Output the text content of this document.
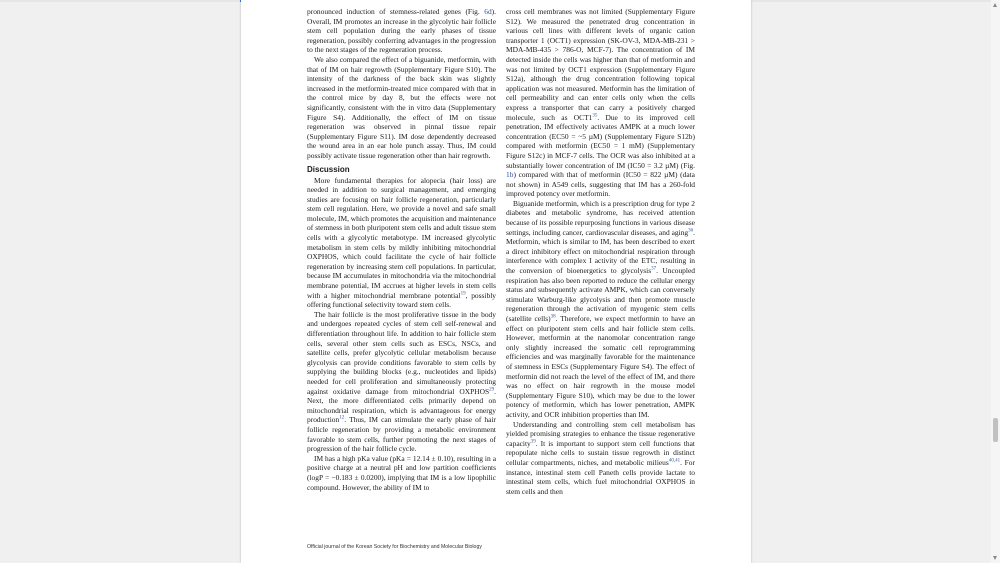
pronounced induction of stemness-related genes (Fig. 6d). Overall, IM promotes an increase in the glycolytic hair follicle stem cell population during the early phases of tissue regeneration, possibly conferring advantages in the progression to the next stages of the regeneration process.

We also compared the effect of a biguanide, metformin, with that of IM on hair regrowth (Supplementary Figure S10). The intensity of the darkness of the back skin was slightly increased in the metformin-treated mice compared with that in the control mice by day 8, but the effects were not significantly, consistent with the in vitro data (Supplementary Figure S4). Additionally, the effect of IM on tissue regeneration was observed in pinnal tissue repair (Supplementary Figure S11). IM dose dependently decreased the wound area in an ear hole punch assay. Thus, IM could possibly activate tissue regeneration other than hair regrowth.

Discussion

More fundamental therapies for alopecia (hair loss) are needed in addition to surgical management, and emerging studies are focusing on hair follicle regeneration, particularly stem cell regulation. Here, we provide a novel and safe small molecule, IM, which promotes the acquisition and maintenance of stemness in both pluripotent stem cells and adult tissue stem cells with a glycolytic metabotype. IM increased glycolytic metabolism in stem cells by mildly inhibiting mitochondrial OXPHOS, which could facilitate the cycle of hair follicle regeneration by increasing stem cell populations. In particular, because IM accumulates in mitochondria via the mitochondrial membrane potential, IM accrues at higher levels in stem cells with a higher mitochondrial membrane potential$^{19}$, possibly offering functional selectivity toward stem cells.

The hair follicle is the most proliferative tissue in the body and undergoes repeated cycles of stem cell self-renewal and differentiation throughout life. In addition to hair follicle stem cells, several other stem cells such as ESCs, NSCs, and satellite cells, prefer glycolytic cellular metabolism because glycolysis can provide conditions favorable to stem cells by supplying the building blocks (e.g., nucleotides and lipids) needed for cell proliferation and simultaneously protecting against oxidative damage from mitochondrial OXPHOS$^{29}$. Next, the more differentiated cells primarily depend on mitochondrial respiration, which is advantageous for energy production$^{12}$. Thus, IM can stimulate the early phase of hair follicle regeneration by providing a metabolic environment favorable to stem cells, further promoting the next stages of progression of the hair follicle cycle.

IM has a high pKa value (pKa = 12.14 ± 0.10), resulting in a positive charge at a neutral pH and low partition coefficients (logP = −0.183 ± 0.0200), implying that IM is a low lipophilic compound. However, the ability of IM to

cross cell membranes was not limited (Supplementary Figure S12). We measured the penetrated drug concentration in various cell lines with different levels of organic cation transporter 1 (OCT1) expression (SK-OV-3, MDA-MB-231 > MDA-MB-435 > 786-O, MCF-7). The concentration of IM detected inside the cells was higher than that of metformin and was not limited by OCT1 expression (Supplementary Figure S12a), although the drug concentration following topical application was not measured. Metformin has the limitation of cell permeability and can enter cells only when the cells express a transporter that can carry a positively charged molecule, such as OCT1$^{35}$. Due to its improved cell penetration, IM effectively activates AMPK at a much lower concentration (EC50 = ~5 µM) (Supplementary Figure S12b) compared with metformin (EC50 = 1 mM) (Supplementary Figure S12c) in MCF-7 cells. The OCR was also inhibited at a substantially lower concentration of IM (IC50 = 3.2 µM) (Fig. 1b) compared with that of metformin (IC50 = 822 µM) (data not shown) in A549 cells, suggesting that IM has a 260-fold improved potency over metformin.

Biguanide metformin, which is a prescription drug for type 2 diabetes and metabolic syndrome, has received attention because of its possible repurposing functions in various disease settings, including cancer, cardiovascular diseases, and aging$^{36}$. Metformin, which is similar to IM, has been described to exert a direct inhibitory effect on mitochondrial respiration through interference with complex I activity of the ETC, resulting in the conversion of bioenergetics to glycolysis$^{37}$. Uncoupled respiration has also been reported to reduce the cellular energy status and subsequently activate AMPK, which can conversely stimulate Warburg-like glycolysis and then promote muscle regeneration through the activation of myogenic stem cells (satellite cells)$^{38}$. Therefore, we expect metformin to have an effect on pluripotent stem cells and hair follicle stem cells. However, metformin at the nanomolar concentration range only slightly increased the somatic cell reprogramming efficiencies and was marginally favorable for the maintenance of stemness in ESCs (Supplementary Figure S4). The effect of metformin did not reach the level of the effect of IM, and there was no effect on hair regrowth in the mouse model (Supplementary Figure S10), which may be due to the lower potency of metformin, which has lower penetration, AMPK activity, and OCR inhibition properties than IM.

Understanding and controlling stem cell metabolism has yielded promising strategies to enhance the tissue regenerative capacity$^{39}$. It is important to support stem cell functions that repopulate niche cells to sustain tissue regrowth in distinct cellular compartments, niches, and metabolic milieus$^{40,41}$. For instance, intestinal stem cell Paneth cells provide lactate to intestinal stem cells, which fuel mitochondrial OXPHOS in stem cells and then

Official journal of the Korean Society for Biochemistry and Molecular Biology
